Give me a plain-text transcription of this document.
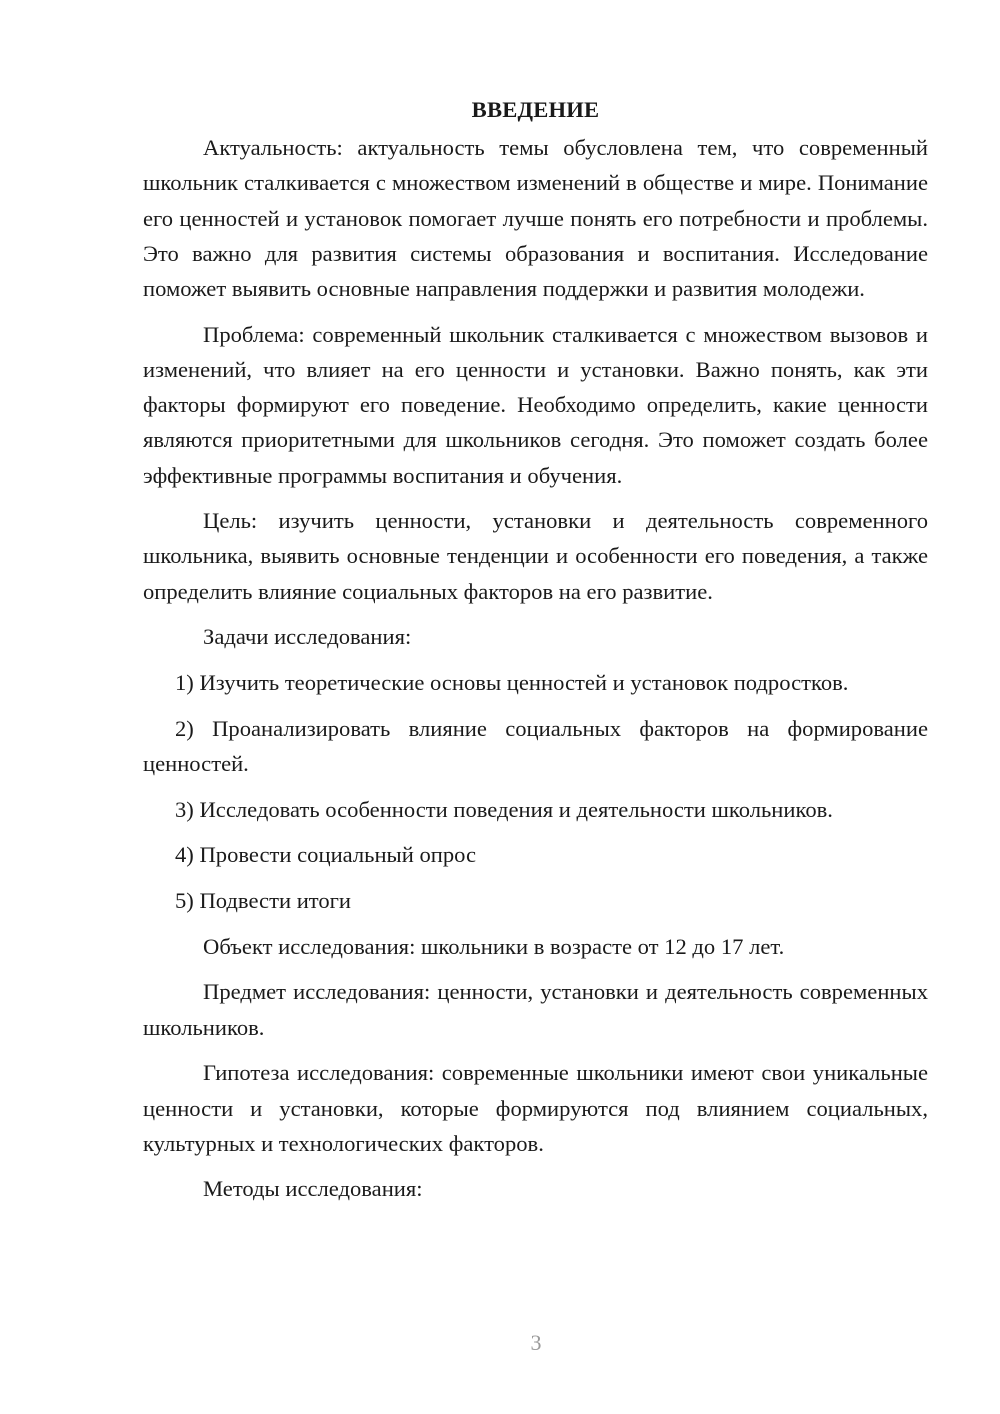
ВВЕДЕНИЕ

Актуальность: актуальность темы обусловлена тем, что современный школьник сталкивается с множеством изменений в обществе и мире. Понимание его ценностей и установок помогает лучше понять его потребности и проблемы. Это важно для развития системы образования и воспитания. Исследование поможет выявить основные направления поддержки и развития молодежи.

Проблема: современный школьник сталкивается с множеством вызовов и изменений, что влияет на его ценности и установки. Важно понять, как эти факторы формируют его поведение. Необходимо определить, какие ценности являются приоритетными для школьников сегодня. Это поможет создать более эффективные программы воспитания и обучения.

Цель: изучить ценности, установки и деятельность современного школьника, выявить основные тенденции и особенности его поведения, а также определить влияние социальных факторов на его развитие.

Задачи исследования:

1) Изучить теоретические основы ценностей и установок подростков.

2) Проанализировать влияние социальных факторов на формирование ценностей.

3) Исследовать особенности поведения и деятельности школьников.

4) Провести социальный опрос

5) Подвести итоги

Объект исследования: школьники в возрасте от 12 до 17 лет.

Предмет исследования: ценности, установки и деятельность современных школьников.

Гипотеза исследования: современные школьники имеют свои уникальные ценности и установки, которые формируются под влиянием социальных, культурных и технологических факторов.

Методы исследования:

3
